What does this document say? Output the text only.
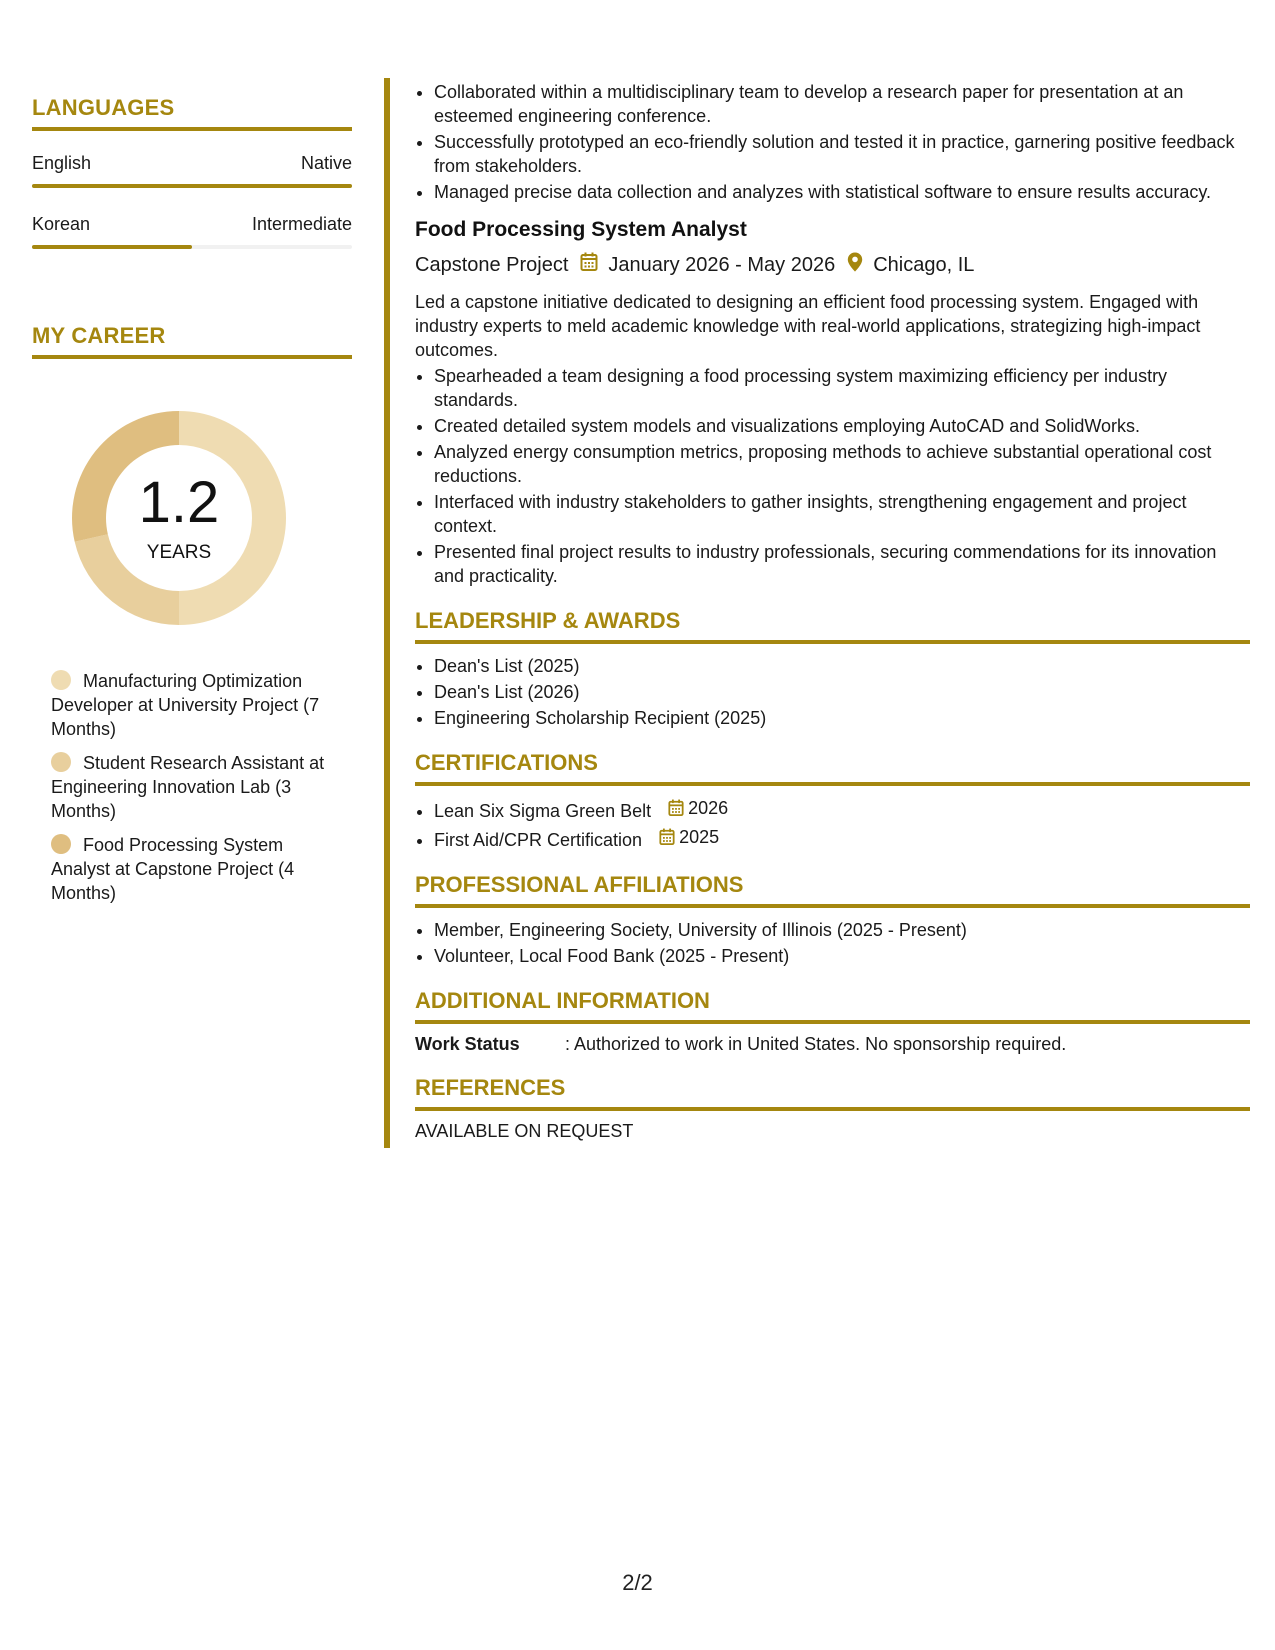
LANGUAGES
English	Native
Korean	Intermediate
MY CAREER
1.2
YEARS
Manufacturing Optimization Developer at University Project (7 Months)
Student Research Assistant at Engineering Innovation Lab (3 Months)
Food Processing System Analyst at Capstone Project (4 Months)
• Collaborated within a multidisciplinary team to develop a research paper for presentation at an esteemed engineering conference.
• Successfully prototyped an eco-friendly solution and tested it in practice, garnering positive feedback from stakeholders.
• Managed precise data collection and analyzes with statistical software to ensure results accuracy.
Food Processing System Analyst
Capstone Project January 2026 - May 2026 Chicago, IL
Led a capstone initiative dedicated to designing an efficient food processing system. Engaged with industry experts to meld academic knowledge with real-world applications, strategizing high-impact outcomes.
• Spearheaded a team designing a food processing system maximizing efficiency per industry standards.
• Created detailed system models and visualizations employing AutoCAD and SolidWorks.
• Analyzed energy consumption metrics, proposing methods to achieve substantial operational cost reductions.
• Interfaced with industry stakeholders to gather insights, strengthening engagement and project context.
• Presented final project results to industry professionals, securing commendations for its innovation and practicality.
LEADERSHIP & AWARDS
• Dean's List (2025)
• Dean's List (2026)
• Engineering Scholarship Recipient (2025)
CERTIFICATIONS
• Lean Six Sigma Green Belt 2026
• First Aid/CPR Certification 2025
PROFESSIONAL AFFILIATIONS
• Member, Engineering Society, University of Illinois (2025 - Present)
• Volunteer, Local Food Bank (2025 - Present)
ADDITIONAL INFORMATION
Work Status	: Authorized to work in United States. No sponsorship required.
REFERENCES
AVAILABLE ON REQUEST
2/2
